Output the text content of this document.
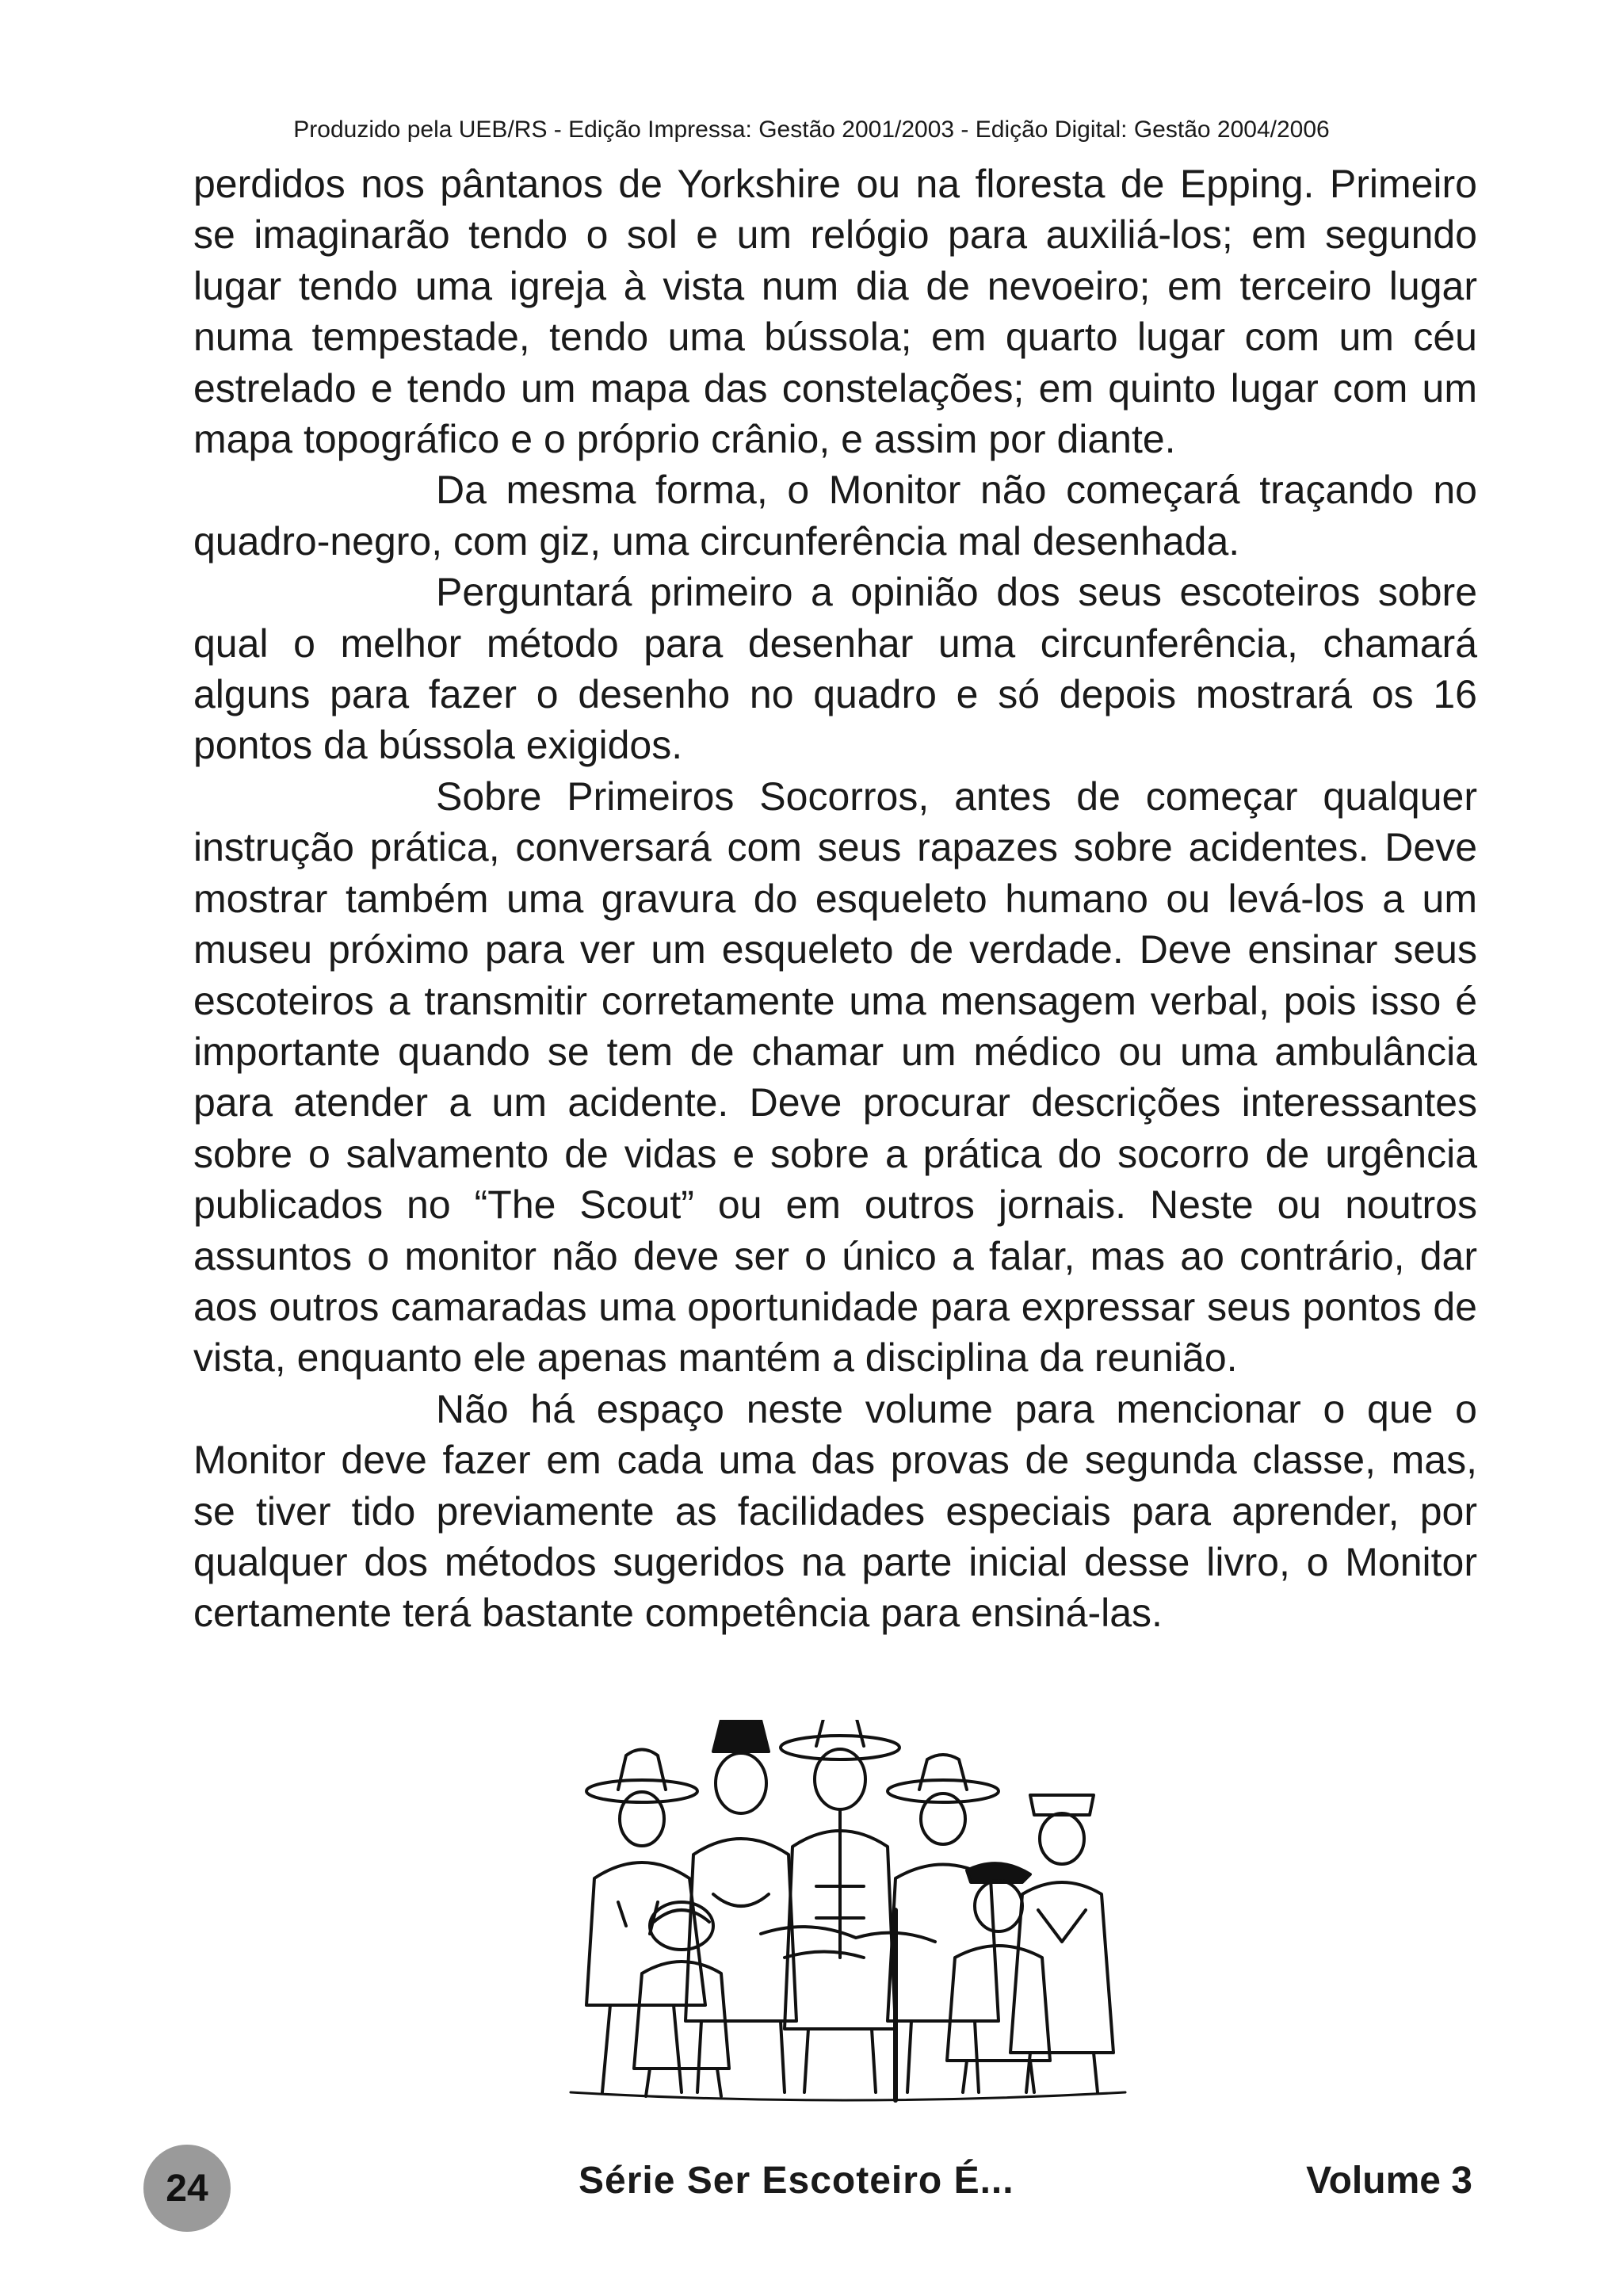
Produzido pela UEB/RS - Edição Impressa: Gestão 2001/2003 - Edição Digital: Gestão 2004/2006

perdidos nos pântanos de Yorkshire ou na floresta de Epping. Primeiro se imaginarão tendo o sol e um relógio para auxiliá-los; em segundo lugar tendo uma igreja à vista num dia de nevoeiro; em terceiro lugar numa tempestade, tendo uma bússola; em quarto lugar com um céu estrelado e tendo um mapa das constelações; em quinto lugar com um mapa topográfico e o próprio crânio, e assim por diante.

Da mesma forma, o Monitor não começará traçando no quadro-negro, com giz, uma circunferência mal desenhada.

Perguntará primeiro a opinião dos seus escoteiros sobre qual o melhor método para desenhar uma circunferência, chamará alguns para fazer o desenho no quadro e só depois mostrará os 16 pontos da bússola exigidos.

Sobre Primeiros Socorros, antes de começar qualquer instrução prática, conversará com seus rapazes sobre acidentes. Deve mostrar também uma gravura do esqueleto humano ou levá-los a um museu próximo para ver um esqueleto de verdade. Deve ensinar seus escoteiros a transmitir corretamente uma mensagem verbal, pois isso é importante quando se tem de chamar um médico ou uma ambulância para atender a um acidente. Deve procurar descrições interessantes sobre o salvamento de vidas e sobre a prática do socorro de urgência publicados no “The Scout” ou em outros jornais. Neste ou noutros assuntos o monitor não deve ser o único a falar, mas ao contrário, dar aos outros camaradas uma oportunidade para expressar seus pontos de vista, enquanto ele apenas mantém a disciplina da reunião.

Não há espaço neste volume para mencionar o que o Monitor deve fazer em cada uma das provas de segunda classe, mas, se tiver tido previamente as facilidades especiais para aprender, por qualquer dos métodos sugeridos na parte inicial desse livro, o Monitor certamente terá bastante competência para ensiná-las.

24	Série Ser Escoteiro É...	Volume 3
